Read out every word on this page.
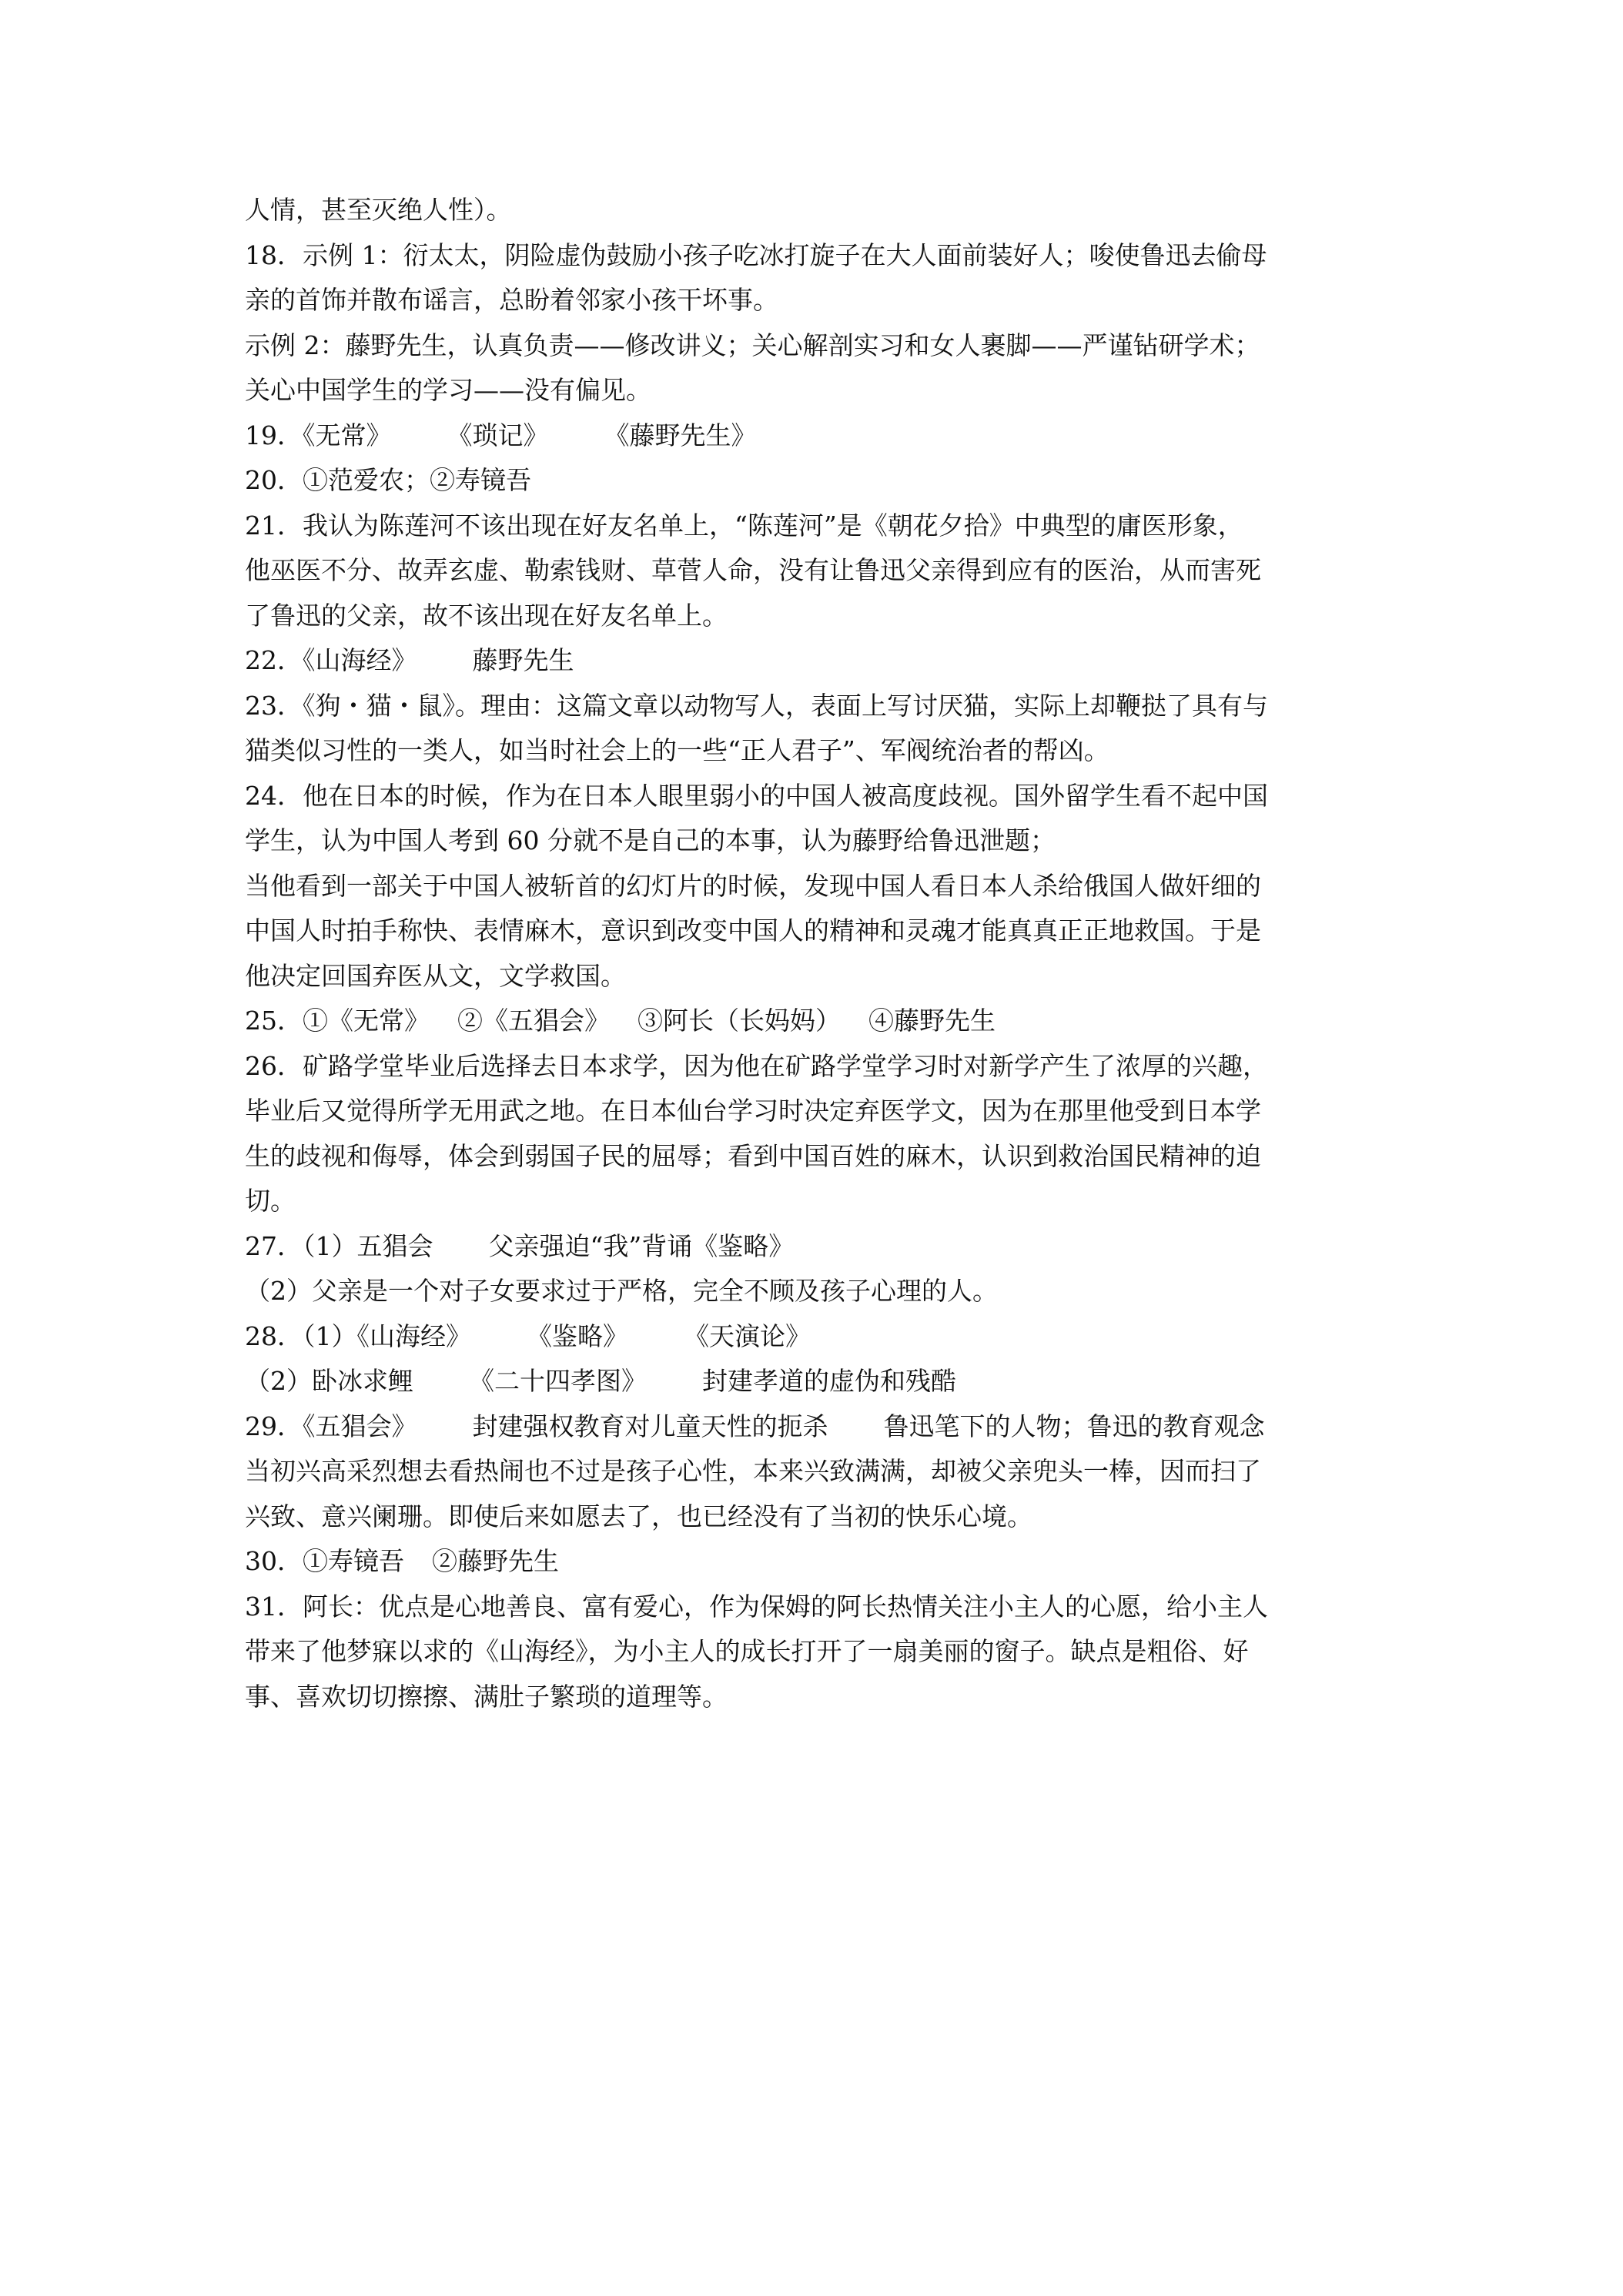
人情，甚至灭绝人性）。
18．示例 1：衍太太，阴险虚伪鼓励小孩子吃冰打旋子在大人面前装好人；唆使鲁迅去偷母
亲的首饰并散布谣言，总盼着邻家小孩干坏事。
示例 2：藤野先生，认真负责——修改讲义；关心解剖实习和女人裹脚——严谨钻研学术；
关心中国学生的学习——没有偏见。
19．《无常》 《琐记》 《藤野先生》
20．①范爱农；②寿镜吾
21．我认为陈莲河不该出现在好友名单上，“陈莲河”是《朝花夕拾》中典型的庸医形象，
他巫医不分、故弄玄虚、勒索钱财、草菅人命，没有让鲁迅父亲得到应有的医治，从而害死
了鲁迅的父亲，故不该出现在好友名单上。
22．《山海经》 藤野先生
23．《狗・猫・鼠》。理由：这篇文章以动物写人，表面上写讨厌猫，实际上却鞭挞了具有与
猫类似习性的一类人，如当时社会上的一些“正人君子”、军阀统治者的帮凶。
24．他在日本的时候，作为在日本人眼里弱小的中国人被高度歧视。国外留学生看不起中国
学生，认为中国人考到 60 分就不是自己的本事，认为藤野给鲁迅泄题；
当他看到一部关于中国人被斩首的幻灯片的时候，发现中国人看日本人杀给俄国人做奸细的
中国人时拍手称快、表情麻木，意识到改变中国人的精神和灵魂才能真真正正地救国。于是
他决定回国弃医从文，文学救国。
25．①《无常》 ②《五猖会》 ③阿长（长妈妈） ④藤野先生
26．矿路学堂毕业后选择去日本求学，因为他在矿路学堂学习时对新学产生了浓厚的兴趣，
毕业后又觉得所学无用武之地。在日本仙台学习时决定弃医学文，因为在那里他受到日本学
生的歧视和侮辱，体会到弱国子民的屈辱；看到中国百姓的麻木，认识到救治国民精神的迫
切。
27．（1）五猖会 父亲强迫“我”背诵《鉴略》
（2）父亲是一个对子女要求过于严格，完全不顾及孩子心理的人。
28．（1）《山海经》 《鉴略》 《天演论》
（2）卧冰求鲤 《二十四孝图》 封建孝道的虚伪和残酷
29．《五猖会》 封建强权教育对儿童天性的扼杀 鲁迅笔下的人物；鲁迅的教育观念
当初兴高采烈想去看热闹也不过是孩子心性，本来兴致满满，却被父亲兜头一棒，因而扫了
兴致、意兴阑珊。即使后来如愿去了，也已经没有了当初的快乐心境。
30．①寿镜吾 ②藤野先生
31．阿长：优点是心地善良、富有爱心，作为保姆的阿长热情关注小主人的心愿，给小主人
带来了他梦寐以求的《山海经》，为小主人的成长打开了一扇美丽的窗子。缺点是粗俗、好
事、喜欢切切擦擦、满肚子繁琐的道理等。
